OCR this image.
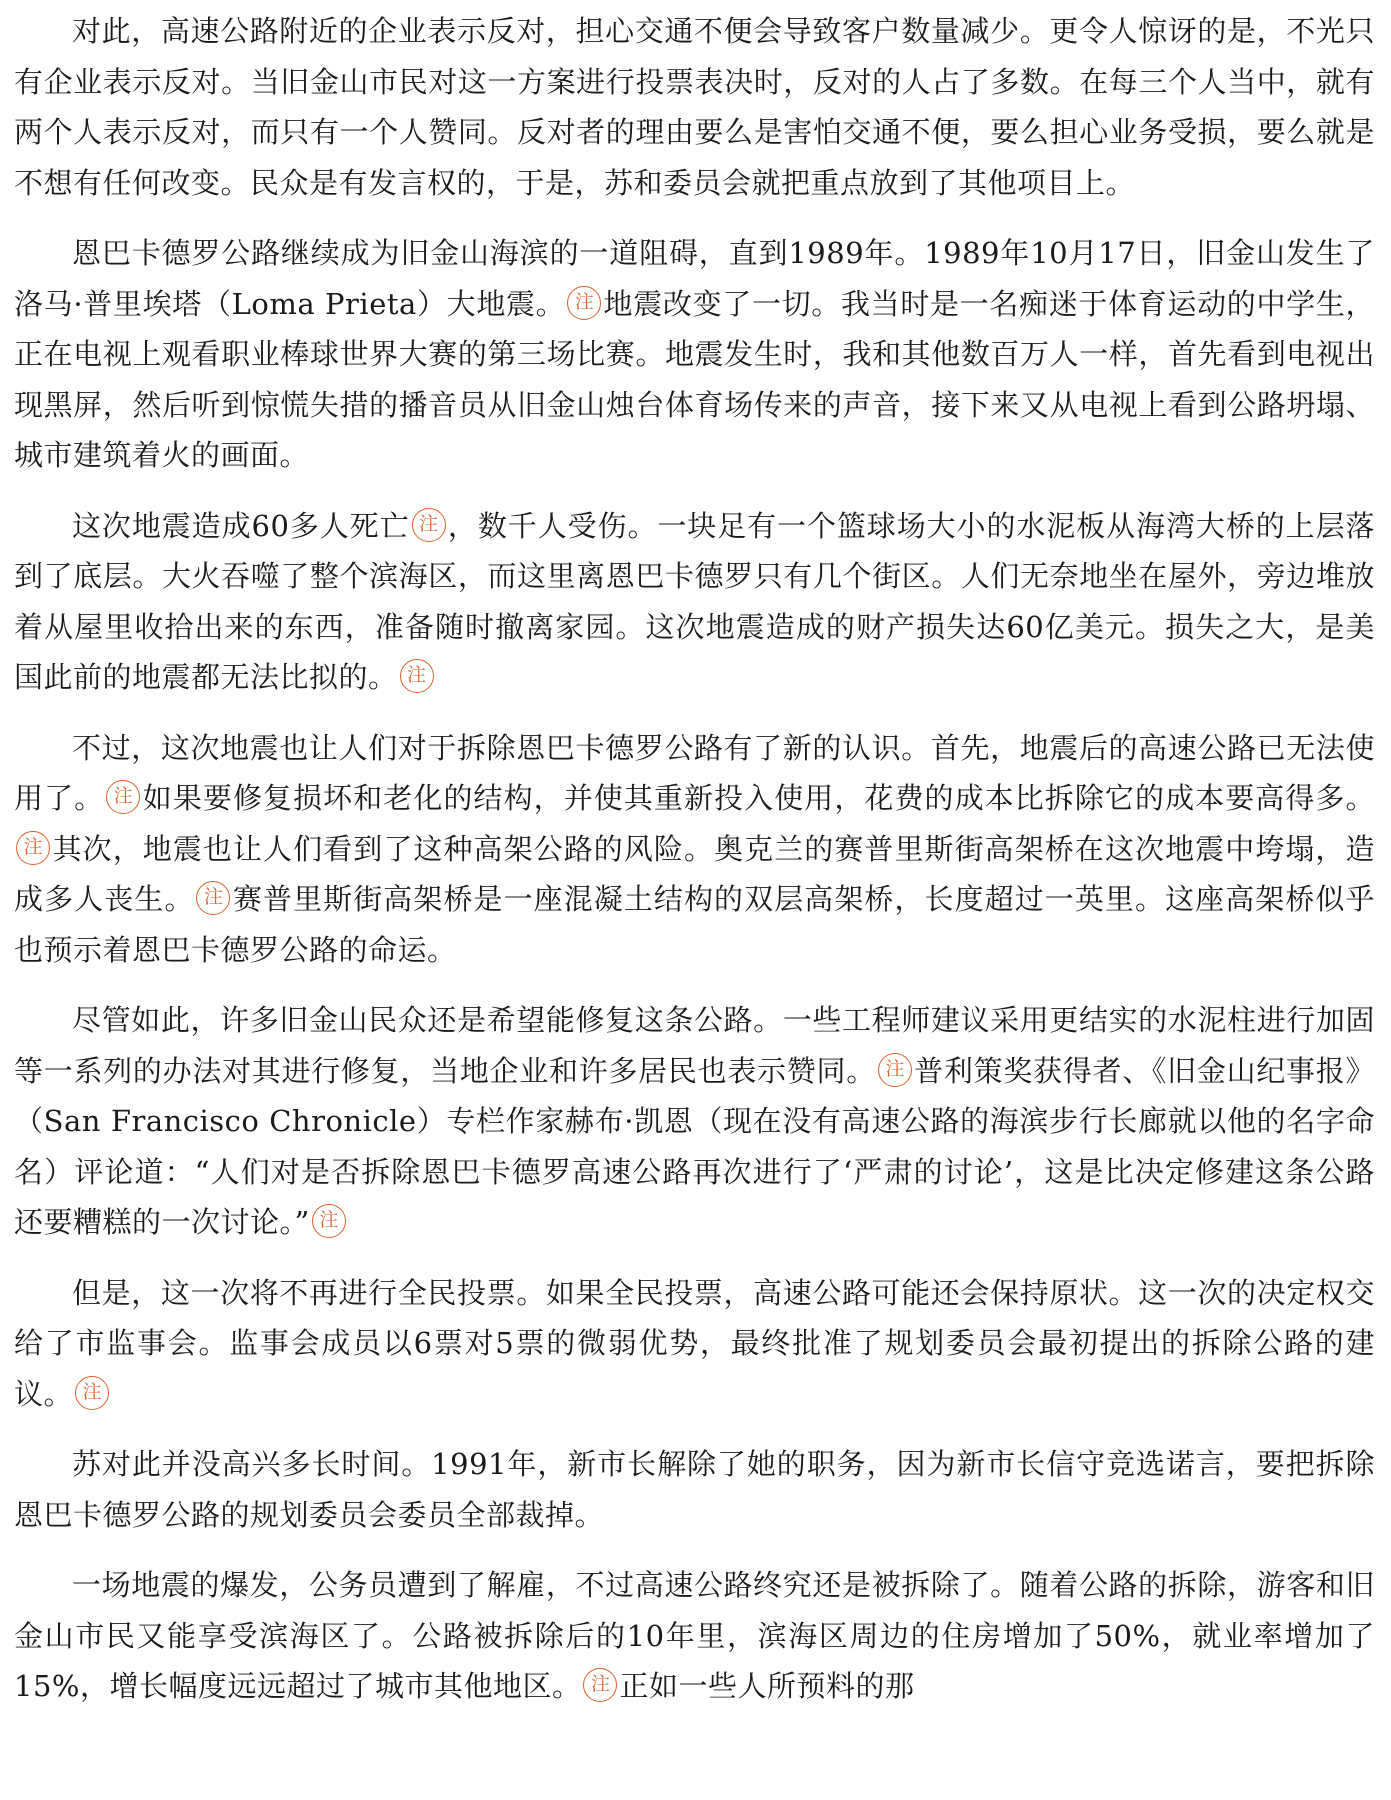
对此，高速公路附近的企业表示反对，担心交通不便会导致客户数量减少。更令人惊讶的是，不光只有企业表示反对。当旧金山市民对这一方案进行投票表决时，反对的人占了多数。在每三个人当中，就有两个人表示反对，而只有一个人赞同。反对者的理由要么是害怕交通不便，要么担心业务受损，要么就是不想有任何改变。民众是有发言权的，于是，苏和委员会就把重点放到了其他项目上。

恩巴卡德罗公路继续成为旧金山海滨的一道阻碍，直到1989年。1989年10月17日，旧金山发生了洛马·普里埃塔（Loma Prieta）大地震。 注 地震改变了一切。我当时是一名痴迷于体育运动的中学生，正在电视上观看职业棒球世界大赛的第三场比赛。地震发生时，我和其他数百万人一样，首先看到电视出现黑屏，然后听到惊慌失措的播音员从旧金山烛台体育场传来的声音，接下来又从电视上看到公路坍塌、城市建筑着火的画面。

这次地震造成60多人死亡 注 ，数千人受伤。一块足有一个篮球场大小的水泥板从海湾大桥的上层落到了底层。大火吞噬了整个滨海区，而这里离恩巴卡德罗只有几个街区。人们无奈地坐在屋外，旁边堆放着从屋里收拾出来的东西，准备随时撤离家园。这次地震造成的财产损失达60亿美元。损失之大，是美国此前的地震都无法比拟的。 注

不过，这次地震也让人们对于拆除恩巴卡德罗公路有了新的认识。首先，地震后的高速公路已无法使用了。 注 如果要修复损坏和老化的结构，并使其重新投入使用，花费的成本比拆除它的成本要高得多。注 其次，地震也让人们看到了这种高架公路的风险。奥克兰的赛普里斯街高架桥在这次地震中垮塌，造成多人丧生。 注 赛普里斯街高架桥是一座混凝土结构的双层高架桥，长度超过一英里。这座高架桥似乎也预示着恩巴卡德罗公路的命运。

尽管如此，许多旧金山民众还是希望能修复这条公路。一些工程师建议采用更结实的水泥柱进行加固等一系列的办法对其进行修复，当地企业和许多居民也表示赞同。 注 普利策奖获得者、《旧金山纪事报》（San Francisco Chronicle）专栏作家赫布·凯恩（现在没有高速公路的海滨步行长廊就以他的名字命名）评论道：“人们对是否拆除恩巴卡德罗高速公路再次进行了‘严肃的讨论’，这是比决定修建这条公路还要糟糕的一次讨论。” 注

但是，这一次将不再进行全民投票。如果全民投票，高速公路可能还会保持原状。这一次的决定权交给了市监事会。监事会成员以6票对5票的微弱优势，最终批准了规划委员会最初提出的拆除公路的建议。 注

苏对此并没高兴多长时间。1991年，新市长解除了她的职务，因为新市长信守竞选诺言，要把拆除恩巴卡德罗公路的规划委员会委员全部裁掉。

一场地震的爆发，公务员遭到了解雇，不过高速公路终究还是被拆除了。随着公路的拆除，游客和旧金山市民又能享受滨海区了。公路被拆除后的10年里，滨海区周边的住房增加了50%，就业率增加了15%，增长幅度远远超过了城市其他地区。 注 正如一些人所预料的那
